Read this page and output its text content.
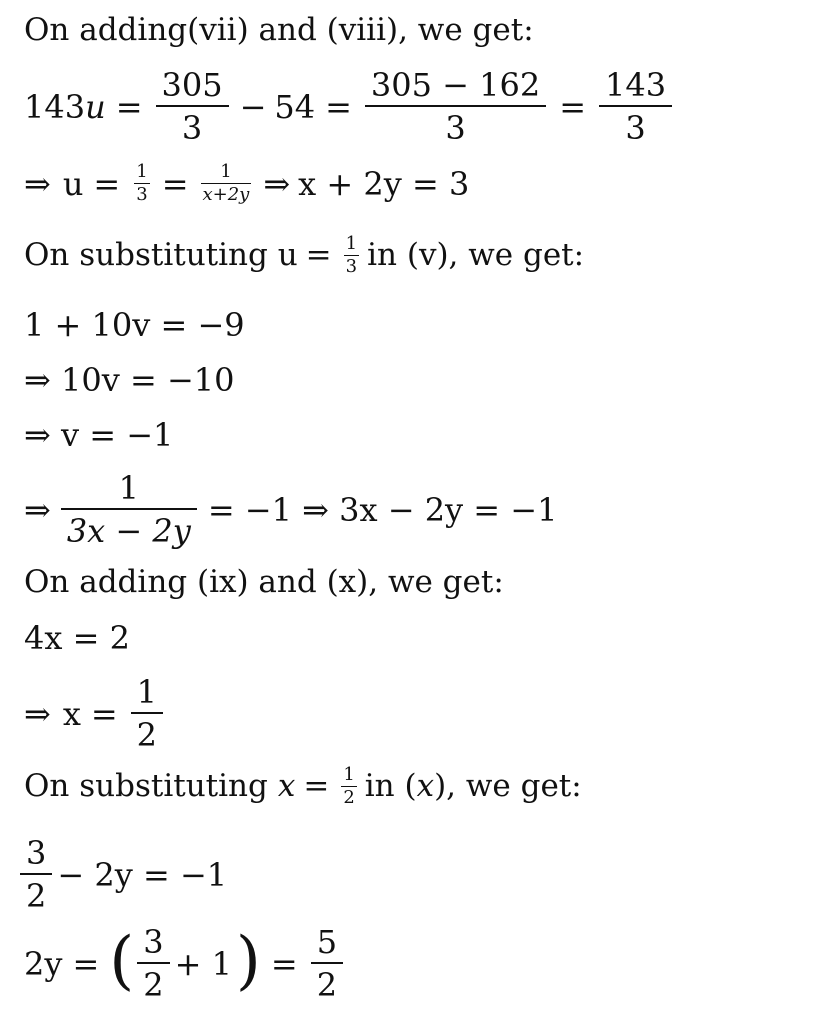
On adding(vii) and (viii), we get:
143 $u = \frac{305}{3} - 54 = \frac{305 - 162}{3} = \frac{143}{3}$
⇒ $u = \frac{1}{3} = \frac{1}{x+2y}$ ⇒ x + 2y = 3
On substituting $u = \frac{1}{3}$ in (v), we get:
1 + 10v = −9
⇒ 10v = −10
⇒ v = −1
⇒ $\frac{1}{3x - 2y} = -1$ ⇒ 3x − 2y = −1
On adding (ix) and (x), we get:
4x = 2
⇒ $x = \frac{1}{2}$
On substituting $x = \frac{1}{2}$ in ( x ), we get:
$\frac{3}{2} - 2y = -1$
2y = ( $\frac{3}{2} + 1$ ) = $\frac{5}{2}$
